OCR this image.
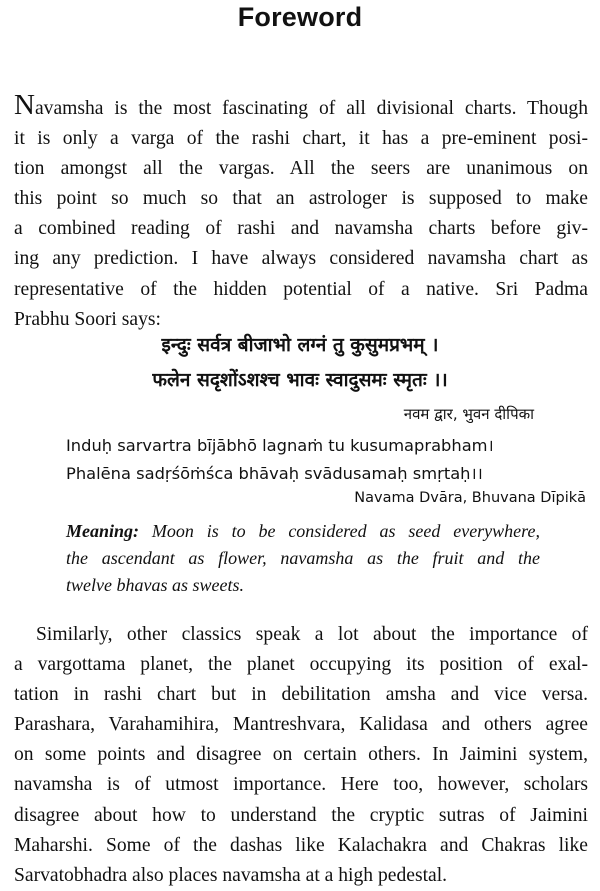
Foreword
Navamsha is the most fascinating of all divisional charts. Though
it is only a varga of the rashi chart, it has a pre-eminent posi-
tion amongst all the vargas. All the seers are unanimous on
this point so much so that an astrologer is supposed to make
a combined reading of rashi and navamsha charts before giv-
ing any prediction. I have always considered navamsha chart as
representative of the hidden potential of a native. Sri Padma
Prabhu Soori says:
इन्दुः सर्वत्र बीजाभो लग्नं तु कुसुमप्रभम् ।
फलेन सदृशोंऽशश्च भावः स्वादुसमः स्मृतः ।।
नवम द्वार, भुवन दीपिका
Induḥ sarvartra bījābhō lagnaṁ tu kusumaprabham।
Phalēna sadṛśōṁśca bhāvaḥ svādusamaḥ smṛtaḥ।।
Navama Dvāra, Bhuvana Dīpikā
Meaning: Moon is to be considered as seed everywhere,
the ascendant as flower, navamsha as the fruit and the
twelve bhavas as sweets.
Similarly, other classics speak a lot about the importance of
a vargottama planet, the planet occupying its position of exal-
tation in rashi chart but in debilitation amsha and vice versa.
Parashara, Varahamihira, Mantreshvara, Kalidasa and others agree
on some points and disagree on certain others. In Jaimini system,
navamsha is of utmost importance. Here too, however, scholars
disagree about how to understand the cryptic sutras of Jaimini
Maharshi. Some of the dashas like Kalachakra and Chakras like
Sarvatobhadra also places navamsha at a high pedestal.
